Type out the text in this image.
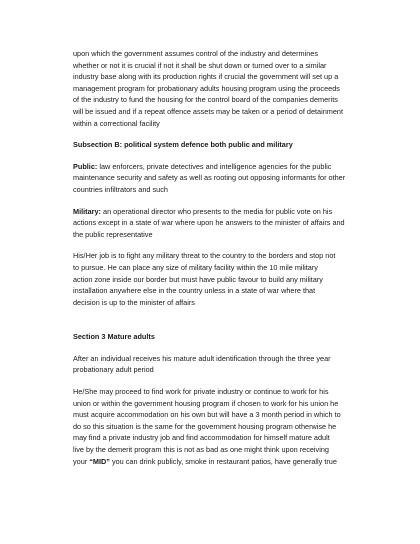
upon which the government assumes control of the industry and determines

whether or not it is crucial if not it shall be shut down or turned over to a similar

industry base along with its production rights if crucial the government will set up a

management program for probationary adults housing program using the proceeds

of the industry to fund the housing for the control board of the companies demerits

will be issued and if a repeat offence assets may be taken or a period of detainment

within a correctional facility

Subsection B: political system defence both public and military

Public: law enforcers, private detectives and intelligence agencies for the public

maintenance security and safety as well as rooting out opposing informants for other

countries infiltrators and such

Military: an operational director who presents to the media for public vote on his

actions except in a state of war where upon he answers to the minister of affairs and

the public representative

His/Her job is to fight any military threat to the country to the borders and stop not

to pursue. He can place any size of military facility within the 10 mile military

action zone inside our border but must have public favour to build any military

installation anywhere else in the country unless in a state of war where that

decision is up to the minister of affairs

Section 3 Mature adults

After an individual receives his mature adult identification through the three year

probationary adult period

He/She may proceed to find work for private industry or continue to work for his

union or within the government housing program if chosen to work for his union he

must acquire accommodation on his own but will have a 3 month period in which to

do so this situation is the same for the government housing program otherwise he

may find a private industry job and find accommodation for himself mature adult

live by the demerit program this is not as bad as one might think upon receiving

your “MID” you can drink publicly, smoke in restaurant patios, have generally true
